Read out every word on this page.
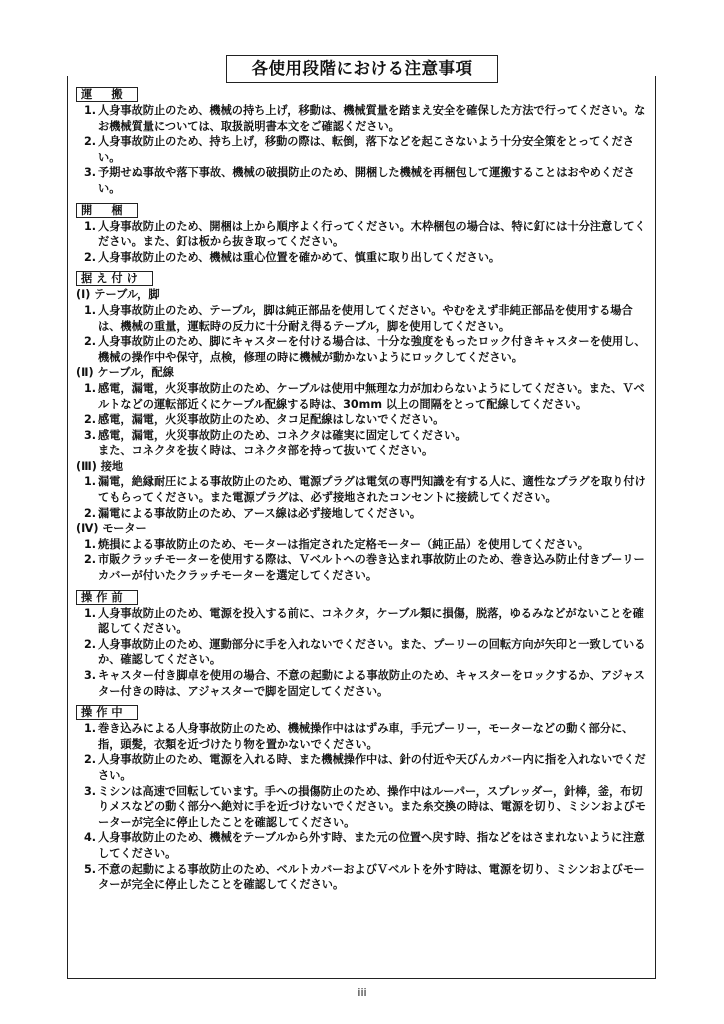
各使用段階における注意事項
運　搬
1. 人身事故防止のため、機械の持ち上げ，移動は、機械質量を踏まえ安全を確保した方法で行ってください。なお機械質量については、取扱説明書本文をご確認ください。
2. 人身事故防止のため、持ち上げ，移動の際は、転倒，落下などを起こさないよう十分安全策をとってください。
3. 予期せぬ事故や落下事故、機械の破損防止のため、開梱した機械を再梱包して運搬することはおやめください。
開　梱
1. 人身事故防止のため、開梱は上から順序よく行ってください。木枠梱包の場合は、特に釘には十分注意してください。また、釘は板から抜き取ってください。
2. 人身事故防止のため、機械は重心位置を確かめて、慎重に取り出してください。
据え付け
(Ⅰ) テーブル，脚
1. 人身事故防止のため、テーブル，脚は純正部品を使用してください。やむをえず非純正部品を使用する場合は、機械の重量，運転時の反力に十分耐え得るテーブル，脚を使用してください。
2. 人身事故防止のため、脚にキャスターを付ける場合は、十分な強度をもったロック付きキャスターを使用し、機械の操作中や保守，点検，修理の時に機械が動かないようにロックしてください。
(Ⅱ) ケーブル，配線
1. 感電，漏電，火災事故防止のため、ケーブルは使用中無理な力が加わらないようにしてください。また、Ｖベルトなどの運転部近くにケーブル配線する時は、30mm 以上の間隔をとって配線してください。
2. 感電，漏電，火災事故防止のため、タコ足配線はしないでください。
3. 感電，漏電，火災事故防止のため、コネクタは確実に固定してください。
また、コネクタを抜く時は、コネクタ部を持って抜いてください。
(Ⅲ) 接地
1. 漏電，絶縁耐圧による事故防止のため、電源プラグは電気の専門知識を有する人に、適性なプラグを取り付けてもらってください。また電源プラグは、必ず接地されたコンセントに接続してください。
2. 漏電による事故防止のため、アース線は必ず接地してください。
(Ⅳ) モーター
1. 焼損による事故防止のため、モーターは指定された定格モーター（純正品）を使用してください。
2. 市販クラッチモーターを使用する際は、Ｖベルトへの巻き込まれ事故防止のため、巻き込み防止付きプーリーカバーが付いたクラッチモーターを選定してください。
操作前
1. 人身事故防止のため、電源を投入する前に、コネクタ，ケーブル類に損傷，脱落，ゆるみなどがないことを確認してください。
2. 人身事故防止のため、運動部分に手を入れないでください。また、プーリーの回転方向が矢印と一致しているか、確認してください。
3. キャスター付き脚卓を使用の場合、不意の起動による事故防止のため、キャスターをロックするか、アジャスター付きの時は、アジャスターで脚を固定してください。
操作中
1. 巻き込みによる人身事故防止のため、機械操作中ははずみ車，手元プーリー，モーターなどの動く部分に、指，頭髪，衣類を近づけたり物を置かないでください。
2. 人身事故防止のため、電源を入れる時、また機械操作中は、針の付近や天びんカバー内に指を入れないでください。
3. ミシンは高速で回転しています。手への損傷防止のため、操作中はルーパー，スプレッダー，針棒，釜，布切りメスなどの動く部分へ絶対に手を近づけないでください。また糸交換の時は、電源を切り、ミシンおよびモーターが完全に停止したことを確認してください。
4. 人身事故防止のため、機械をテーブルから外す時、また元の位置へ戻す時、指などをはさまれないように注意してください。
5. 不意の起動による事故防止のため、ベルトカバーおよびＶベルトを外す時は、電源を切り、ミシンおよびモーターが完全に停止したことを確認してください。
iii
